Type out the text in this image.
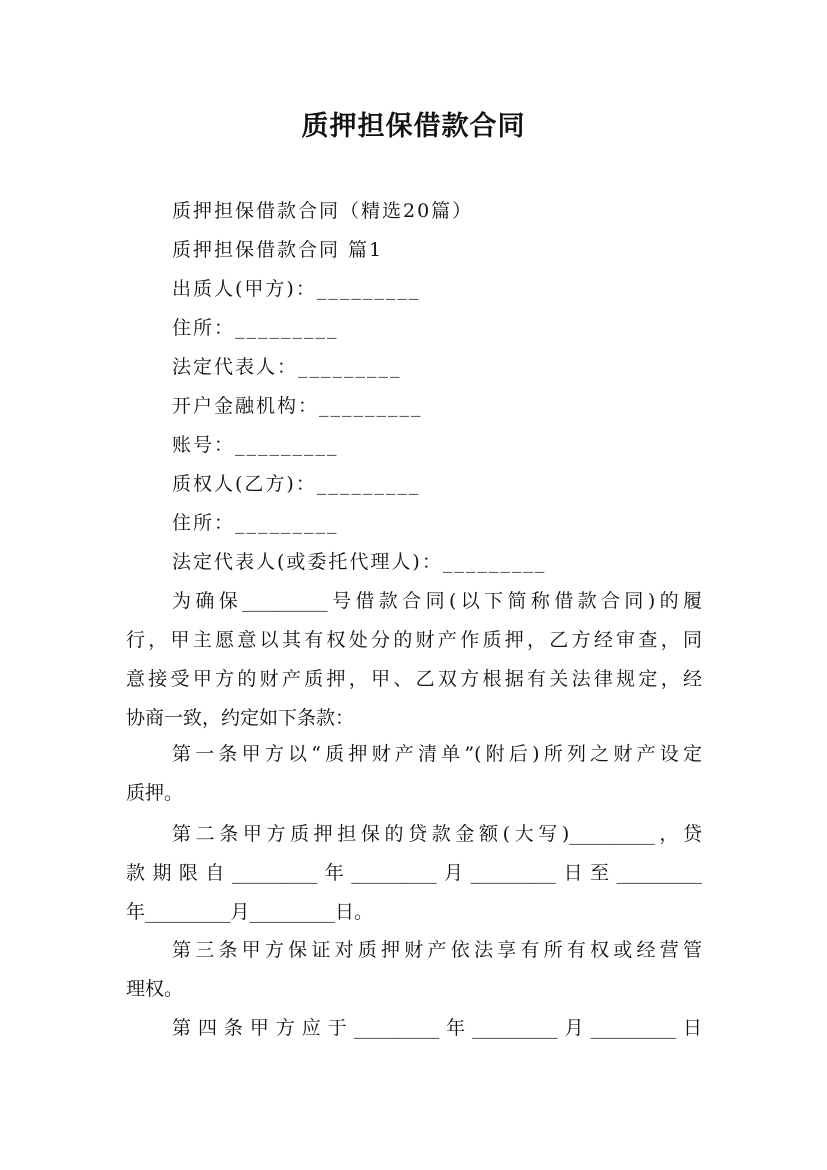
质押担保借款合同
质押担保借款合同（精选20篇）
质押担保借款合同 篇1
出质人(甲方)：_________
住所：_________
法定代表人：_________
开户金融机构：_________
账号：_________
质权人(乙方)：_________
住所：_________
法定代表人(或委托代理人)：_________
为确保_________号借款合同(以下简称借款合同)的履
行，甲主愿意以其有权处分的财产作质押，乙方经审查，同
意接受甲方的财产质押，甲、乙双方根据有关法律规定，经
协商一致，约定如下条款：
第一条甲方以“质押财产清单”(附后)所列之财产设定
质押。
第二条甲方质押担保的贷款金额(大写)_________，贷
款期限自_________年_________月_________日至_________
年_________月_________日。
第三条甲方保证对质押财产依法享有所有权或经营管
理权。
第四条甲方应于_________年_________月_________日
